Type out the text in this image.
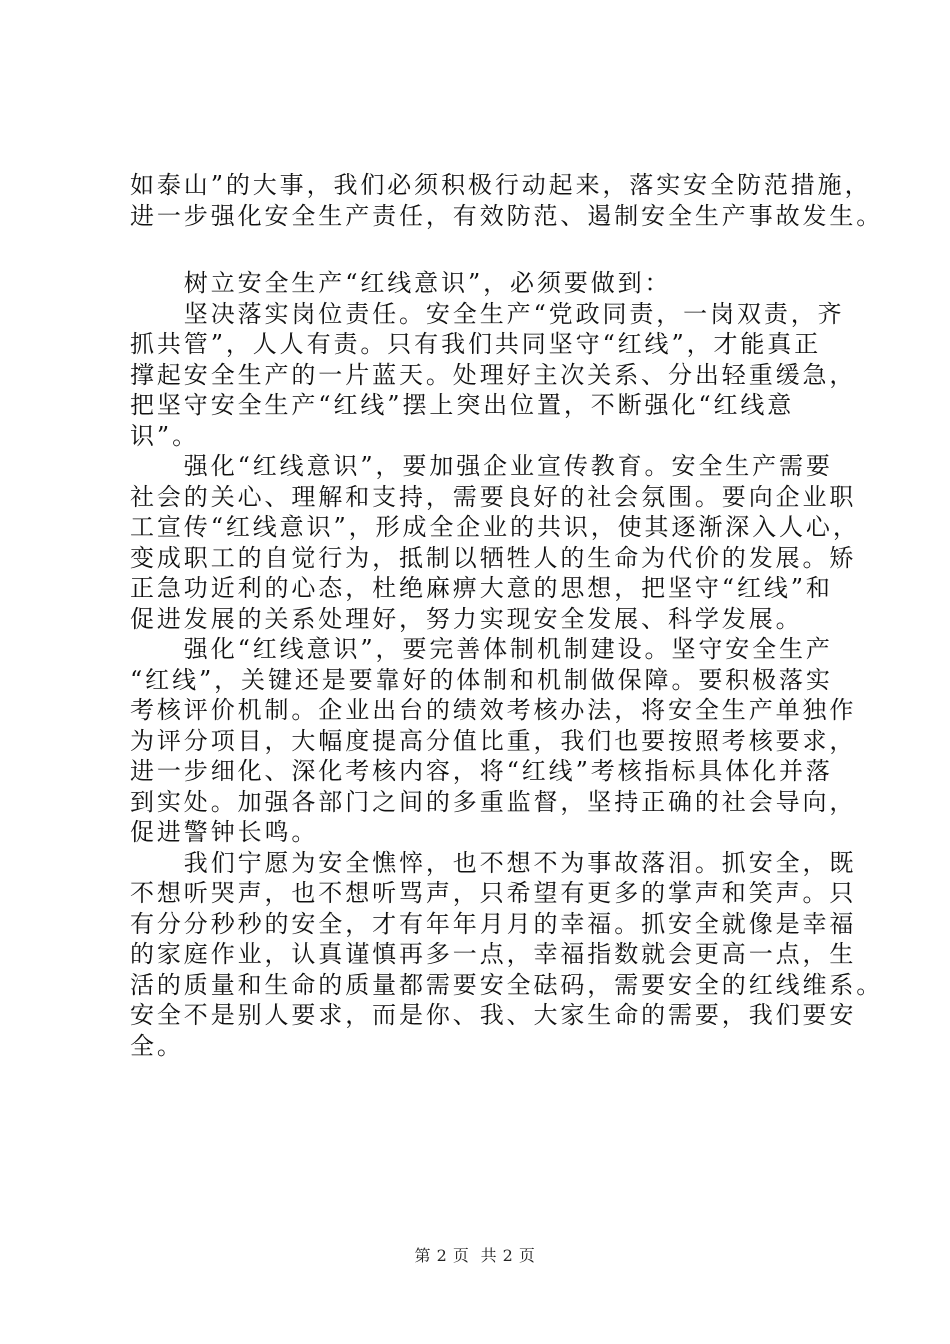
如泰山”的大事，我们必须积极行动起来，落实安全防范措施，
进一步强化安全生产责任，有效防范、遏制安全生产事故发生。
　　树立安全生产“红线意识”，必须要做到：
　　坚决落实岗位责任。安全生产“党政同责，一岗双责，齐
抓共管”，人人有责。只有我们共同坚守“红线”，才能真正
撑起安全生产的一片蓝天。处理好主次关系、分出轻重缓急，
把坚守安全生产“红线”摆上突出位置，不断强化“红线意
识”。
　　强化“红线意识”，要加强企业宣传教育。安全生产需要
社会的关心、理解和支持，需要良好的社会氛围。要向企业职
工宣传“红线意识”，形成全企业的共识，使其逐渐深入人心，
变成职工的自觉行为，抵制以牺牲人的生命为代价的发展。矫
正急功近利的心态，杜绝麻痹大意的思想，把坚守“红线”和
促进发展的关系处理好，努力实现安全发展、科学发展。
　　强化“红线意识”，要完善体制机制建设。坚守安全生产
“红线”，关键还是要靠好的体制和机制做保障。要积极落实
考核评价机制。企业出台的绩效考核办法，将安全生产单独作
为评分项目，大幅度提高分值比重，我们也要按照考核要求，
进一步细化、深化考核内容，将“红线”考核指标具体化并落
到实处。加强各部门之间的多重监督，坚持正确的社会导向，
促进警钟长鸣。
　　我们宁愿为安全憔悴，也不想不为事故落泪。抓安全，既
不想听哭声，也不想听骂声，只希望有更多的掌声和笑声。只
有分分秒秒的安全，才有年年月月的幸福。抓安全就像是幸福
的家庭作业，认真谨慎再多一点，幸福指数就会更高一点，生
活的质量和生命的质量都需要安全砝码，需要安全的红线维系。
安全不是别人要求，而是你、我、大家生命的需要，我们要安
全。
第 2 页  共 2 页
